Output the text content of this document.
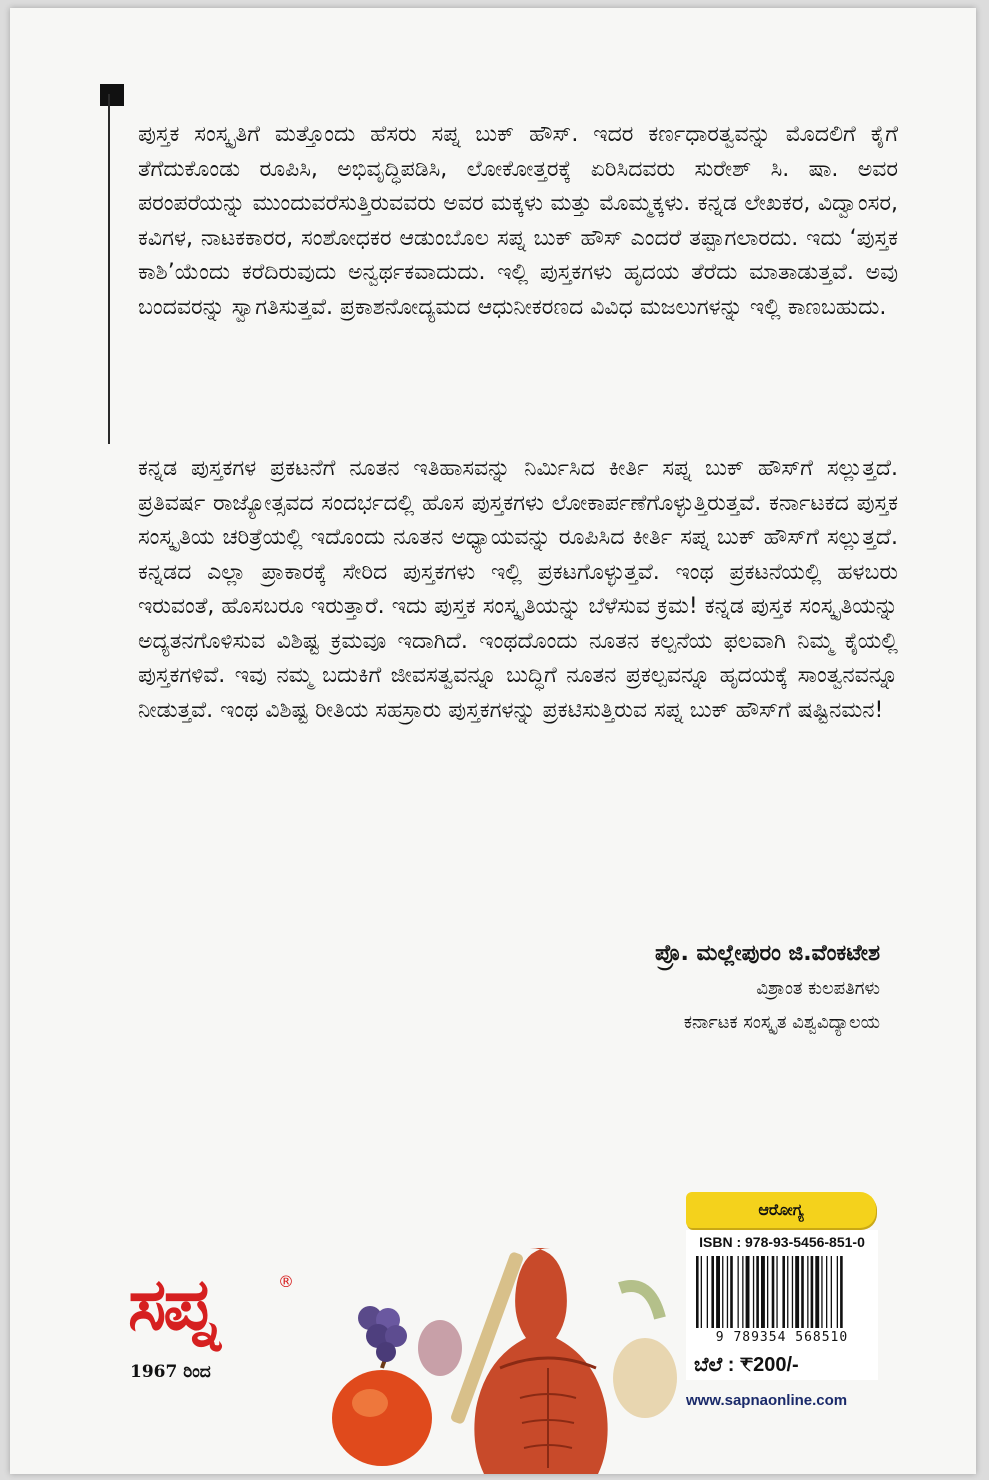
ಪುಸ್ತಕ ಸಂಸ್ಕೃತಿಗೆ ಮತ್ತೊಂದು ಹೆಸರು ಸಪ್ನ ಬುಕ್ ಹೌಸ್. ಇದರ ಕರ್ಣಧಾರತ್ವವನ್ನು ಮೊದಲಿಗೆ ಕೈಗೆ ತೆಗೆದುಕೊಂಡು ರೂಪಿಸಿ, ಅಭಿವೃದ್ಧಿಪಡಿಸಿ, ಲೋಕೋತ್ತರಕ್ಕೆ ಏರಿಸಿದವರು ಸುರೇಶ್ ಸಿ. ಷಾ. ಅವರ ಪರಂಪರೆಯನ್ನು ಮುಂದುವರೆಸುತ್ತಿರುವವರು ಅವರ ಮಕ್ಕಳು ಮತ್ತು ಮೊಮ್ಮಕ್ಕಳು. ಕನ್ನಡ ಲೇಖಕರ, ವಿದ್ವಾಂಸರ, ಕವಿಗಳ, ನಾಟಕಕಾರರ, ಸಂಶೋಧಕರ ಆಡುಂಬೊಲ ಸಪ್ನ ಬುಕ್ ಹೌಸ್ ಎಂದರೆ ತಪ್ಪಾಗಲಾರದು. ಇದು ‘ಪುಸ್ತಕ ಕಾಶಿ’ಯೆಂದು ಕರೆದಿರುವುದು ಅನ್ವರ್ಥಕವಾದುದು. ಇಲ್ಲಿ ಪುಸ್ತಕಗಳು ಹೃದಯ ತೆರೆದು ಮಾತಾಡುತ್ತವೆ. ಅವು ಬಂದವರನ್ನು ಸ್ವಾಗತಿಸುತ್ತವೆ. ಪ್ರಕಾಶನೋದ್ಯಮದ ಆಧುನೀಕರಣದ ವಿವಿಧ ಮಜಲುಗಳನ್ನು ಇಲ್ಲಿ ಕಾಣಬಹುದು.

ಕನ್ನಡ ಪುಸ್ತಕಗಳ ಪ್ರಕಟನೆಗೆ ನೂತನ ಇತಿಹಾಸವನ್ನು ನಿರ್ಮಿಸಿದ ಕೀರ್ತಿ ಸಪ್ನ ಬುಕ್ ಹೌಸ್‌ಗೆ ಸಲ್ಲುತ್ತದೆ. ಪ್ರತಿವರ್ಷ ರಾಜ್ಯೋತ್ಸವದ ಸಂದರ್ಭದಲ್ಲಿ ಹೊಸ ಪುಸ್ತಕಗಳು ಲೋಕಾರ್ಪಣೆಗೊಳ್ಳುತ್ತಿರುತ್ತವೆ. ಕರ್ನಾಟಕದ ಪುಸ್ತಕ ಸಂಸ್ಕೃತಿಯ ಚರಿತ್ರೆಯಲ್ಲಿ ಇದೊಂದು ನೂತನ ಅಧ್ಯಾಯವನ್ನು ರೂಪಿಸಿದ ಕೀರ್ತಿ ಸಪ್ನ ಬುಕ್ ಹೌಸ್‌ಗೆ ಸಲ್ಲುತ್ತದೆ. ಕನ್ನಡದ ಎಲ್ಲಾ ಪ್ರಾಕಾರಕ್ಕೆ ಸೇರಿದ ಪುಸ್ತಕಗಳು ಇಲ್ಲಿ ಪ್ರಕಟಗೊಳ್ಳುತ್ತವೆ. ಇಂಥ ಪ್ರಕಟನೆಯಲ್ಲಿ ಹಳಬರು ಇರುವಂತೆ, ಹೊಸಬರೂ ಇರುತ್ತಾರೆ. ಇದು ಪುಸ್ತಕ ಸಂಸ್ಕೃತಿಯನ್ನು ಬೆಳೆಸುವ ಕ್ರಮ! ಕನ್ನಡ ಪುಸ್ತಕ ಸಂಸ್ಕೃತಿಯನ್ನು ಅದ್ಯತನಗೊಳಿಸುವ ವಿಶಿಷ್ಟ ಕ್ರಮವೂ ಇದಾಗಿದೆ. ಇಂಥದೊಂದು ನೂತನ ಕಲ್ಪನೆಯ ಫಲವಾಗಿ ನಿಮ್ಮ ಕೈಯಲ್ಲಿ ಪುಸ್ತಕಗಳಿವೆ. ಇವು ನಮ್ಮ ಬದುಕಿಗೆ ಜೀವಸತ್ವವನ್ನೂ ಬುದ್ಧಿಗೆ ನೂತನ ಪ್ರಕಲ್ಪವನ್ನೂ ಹೃದಯಕ್ಕೆ ಸಾಂತ್ವನವನ್ನೂ ನೀಡುತ್ತವೆ. ಇಂಥ ವಿಶಿಷ್ಟ ರೀತಿಯ ಸಹಸ್ರಾರು ಪುಸ್ತಕಗಳನ್ನು ಪ್ರಕಟಿಸುತ್ತಿರುವ ಸಪ್ನ ಬುಕ್ ಹೌಸ್‌ಗೆ ಷಷ್ಟಿನಮನ!

ಪ್ರೊ. ಮಲ್ಲೇಪುರಂ ಜಿ.ವೆಂಕಟೇಶ
ವಿಶ್ರಾಂತ ಕುಲಪತಿಗಳು
ಕರ್ನಾಟಕ ಸಂಸ್ಕೃತ ವಿಶ್ವವಿದ್ಯಾಲಯ
ಸಪ್ನ	®
1967 ರಿಂದ
ಆರೋಗ್ಯ
ISBN : 978-93-5456-851-0
9 789354 568510
ಬೆಲೆ : ₹200/-
www.sapnaonline.com
